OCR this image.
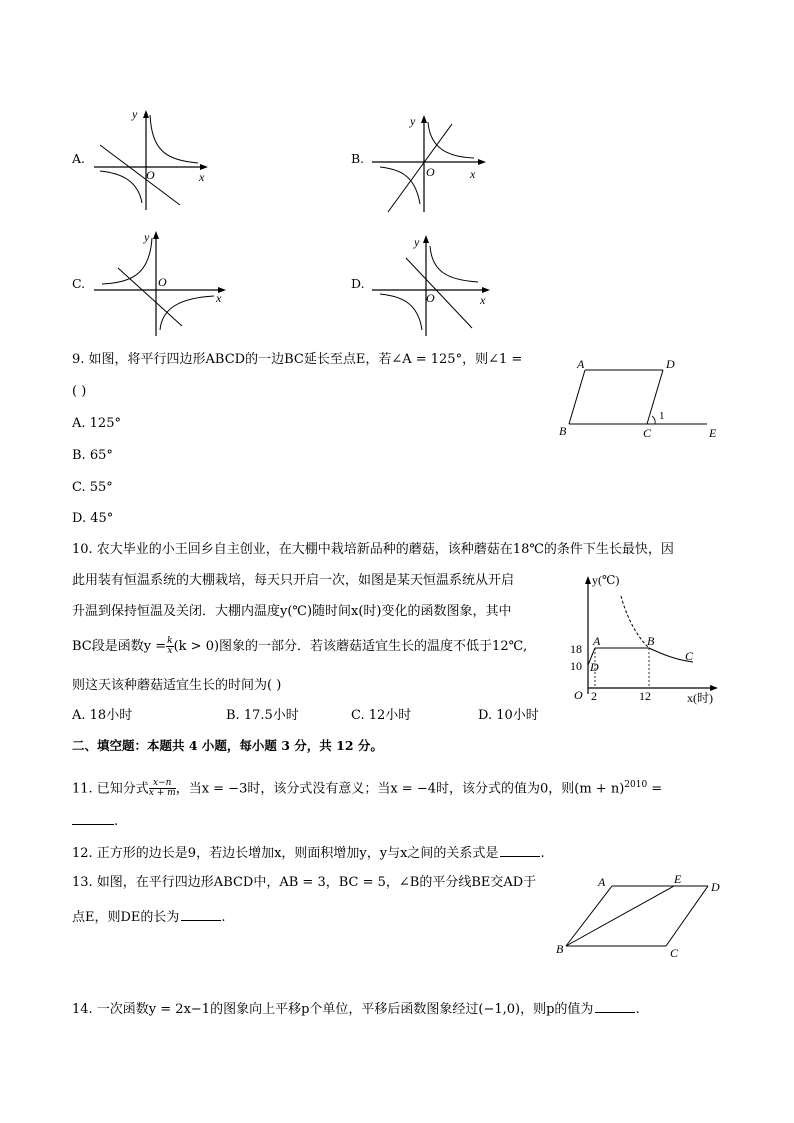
A.
y
O	x
B.
y
O	x
C.
y
O
x
D.
y
O	x
9. 如图，将平行四边形ABCD的一边BC延长至点E，若∠A = 125°，则∠1 =
( )
A. 125°
B. 65°
C. 55°
D. 45°
A	D
B	C	E
1
10. 农大毕业的小王回乡自主创业，在大棚中栽培新品种的蘑菇，该种蘑菇在18℃的条件下生长最快，因
此用装有恒温系统的大棚栽培，每天只开启一次，如图是某天恒温系统从开启
升温到保持恒温及关闭．大棚内温度y(℃)随时间x(时)变化的函数图象，其中
BC段是函数$y = \frac{k}{x} (k > 0)$图象的一部分．若该蘑菇适宜生长的温度不低于12℃,
则这天该种蘑菇适宜生长的时间为( )
A. 18小时	B. 17.5小时	C. 12小时	D. 10小时
y(℃)
x(时)
O
18
10
2	12
A	B
C
D
二、填空题：本题共 4 小题，每小题 3 分，共 12 分。
11. 已知分式 $\frac{x-n}{x + m}$ ，当x = −3时，该分式没有意义；当x = −4时，该分式的值为0，则$(m + n)^{2010}$ =
.
12. 正方形的边长是9，若边长增加x，则面积增加y，y与x之间的关系式是	.
13. 如图，在平行四边形ABCD中，AB = 3，BC = 5，∠B的平分线BE交AD于
点E，则DE的长为	.
A	E
D
B	C
14. 一次函数y = 2x−1的图象向上平移p个单位，平移后函数图象经过(−1,0)，则p的值为	.
